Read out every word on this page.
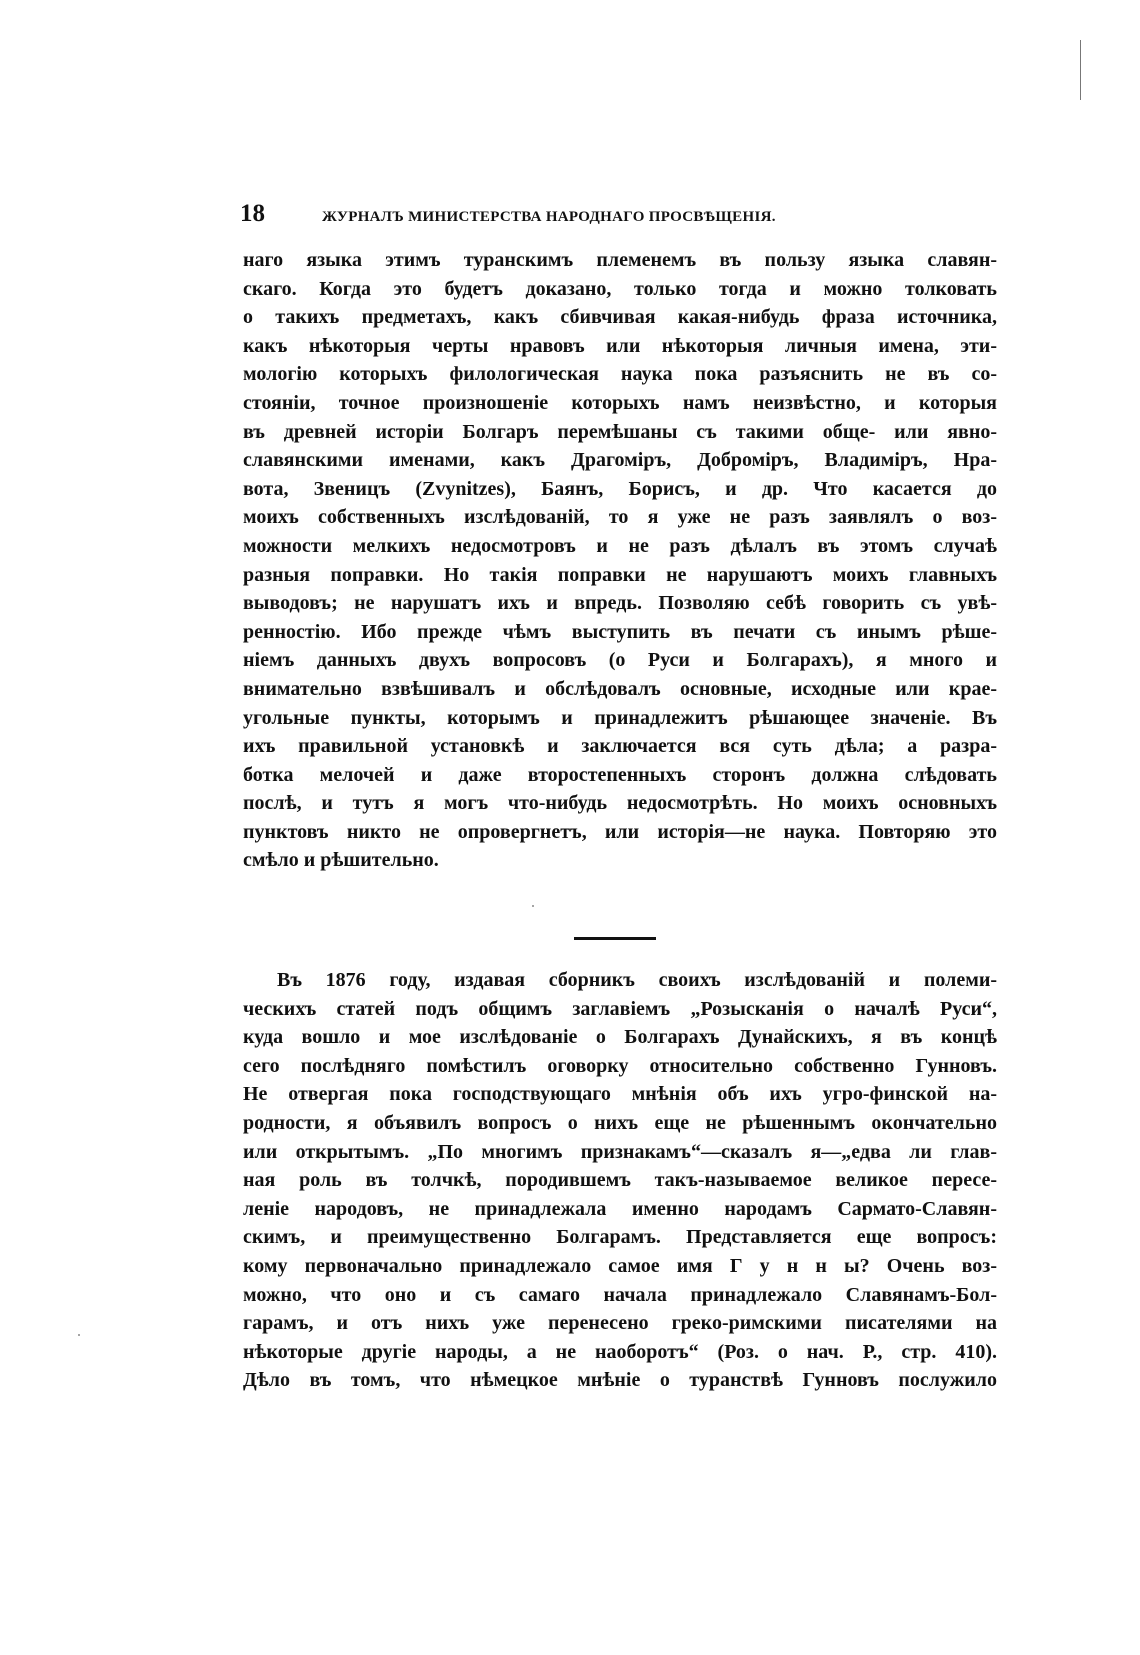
18	ЖУРНАЛЪ МИНИСТЕРСТВА НАРОДНАГО ПРОСВѢЩЕНІЯ.
наго языка этимъ туранскимъ племенемъ въ пользу языка славян-
скаго. Когда это будетъ доказано, только тогда и можно толковать
о такихъ предметахъ, какъ сбивчивая какая-нибудь фраза источника,
какъ нѣкоторыя черты нравовъ или нѣкоторыя личныя имена, эти-
мологію которыхъ филологическая наука пока разъяснить не въ со-
стояніи, точное произношеніе которыхъ намъ неизвѣстно, и которыя
въ древней исторіи Болгаръ перемѣшаны съ такими обще- или явно-
славянскими именами, какъ Драгоміръ, Доброміръ, Владиміръ, Нра-
вота, Звеницъ (Zvynitzes), Баянъ, Борисъ, и др. Что касается до
моихъ собственныхъ изслѣдованій, то я уже не разъ заявлялъ о воз-
можности мелкихъ недосмотровъ и не разъ дѣлалъ въ этомъ случаѣ
разныя поправки. Но такія поправки не нарушаютъ моихъ главныхъ
выводовъ; не нарушатъ ихъ и впредь. Позволяю себѣ говорить съ увѣ-
ренностію. Ибо прежде чѣмъ выступить въ печати съ инымъ рѣше-
ніемъ данныхъ двухъ вопросовъ (о Руси и Болгарахъ), я много и
внимательно взвѣшивалъ и обслѣдовалъ основные, исходные или крае-
угольные пункты, которымъ и принадлежитъ рѣшающее значеніе. Въ
ихъ правильной установкѣ и заключается вся суть дѣла; а разра-
ботка мелочей и даже второстепенныхъ сторонъ должна слѣдовать
послѣ, и тутъ я могъ что-нибудь недосмотрѣть. Но моихъ основныхъ
пунктовъ никто не опровергнетъ, или исторія—не наука. Повторяю это
смѣло и рѣшительно.
Въ 1876 году, издавая сборникъ своихъ изслѣдованій и полеми-
ческихъ статей подъ общимъ заглавіемъ „Розысканія о началѣ Руси“,
куда вошло и мое изслѣдованіе о Болгарахъ Дунайскихъ, я въ концѣ
сего послѣдняго помѣстилъ оговорку относительно собственно Гунновъ.
Не отвергая пока господствующаго мнѣнія объ ихъ угро-финской на-
родности, я объявилъ вопросъ о нихъ еще не рѣшеннымъ окончательно
или открытымъ. „По многимъ признакамъ“—сказалъ я—„едва ли глав-
ная роль въ толчкѣ, породившемъ такъ-называемое великое пересе-
леніе народовъ, не принадлежала именно народамъ Сармато-Славян-
скимъ, и преимущественно Болгарамъ. Представляется еще вопросъ:
кому первоначально принадлежало самое имя Г у н н ы? Очень воз-
можно, что оно и съ самаго начала принадлежало Славянамъ-Бол-
гарамъ, и отъ нихъ уже перенесено греко-римскими писателями на
нѣкоторые другіе народы, а не наоборотъ“ (Роз. о нач. Р., стр. 410).
Дѣло въ томъ, что нѣмецкое мнѣніе о туранствѣ Гунновъ послужило
